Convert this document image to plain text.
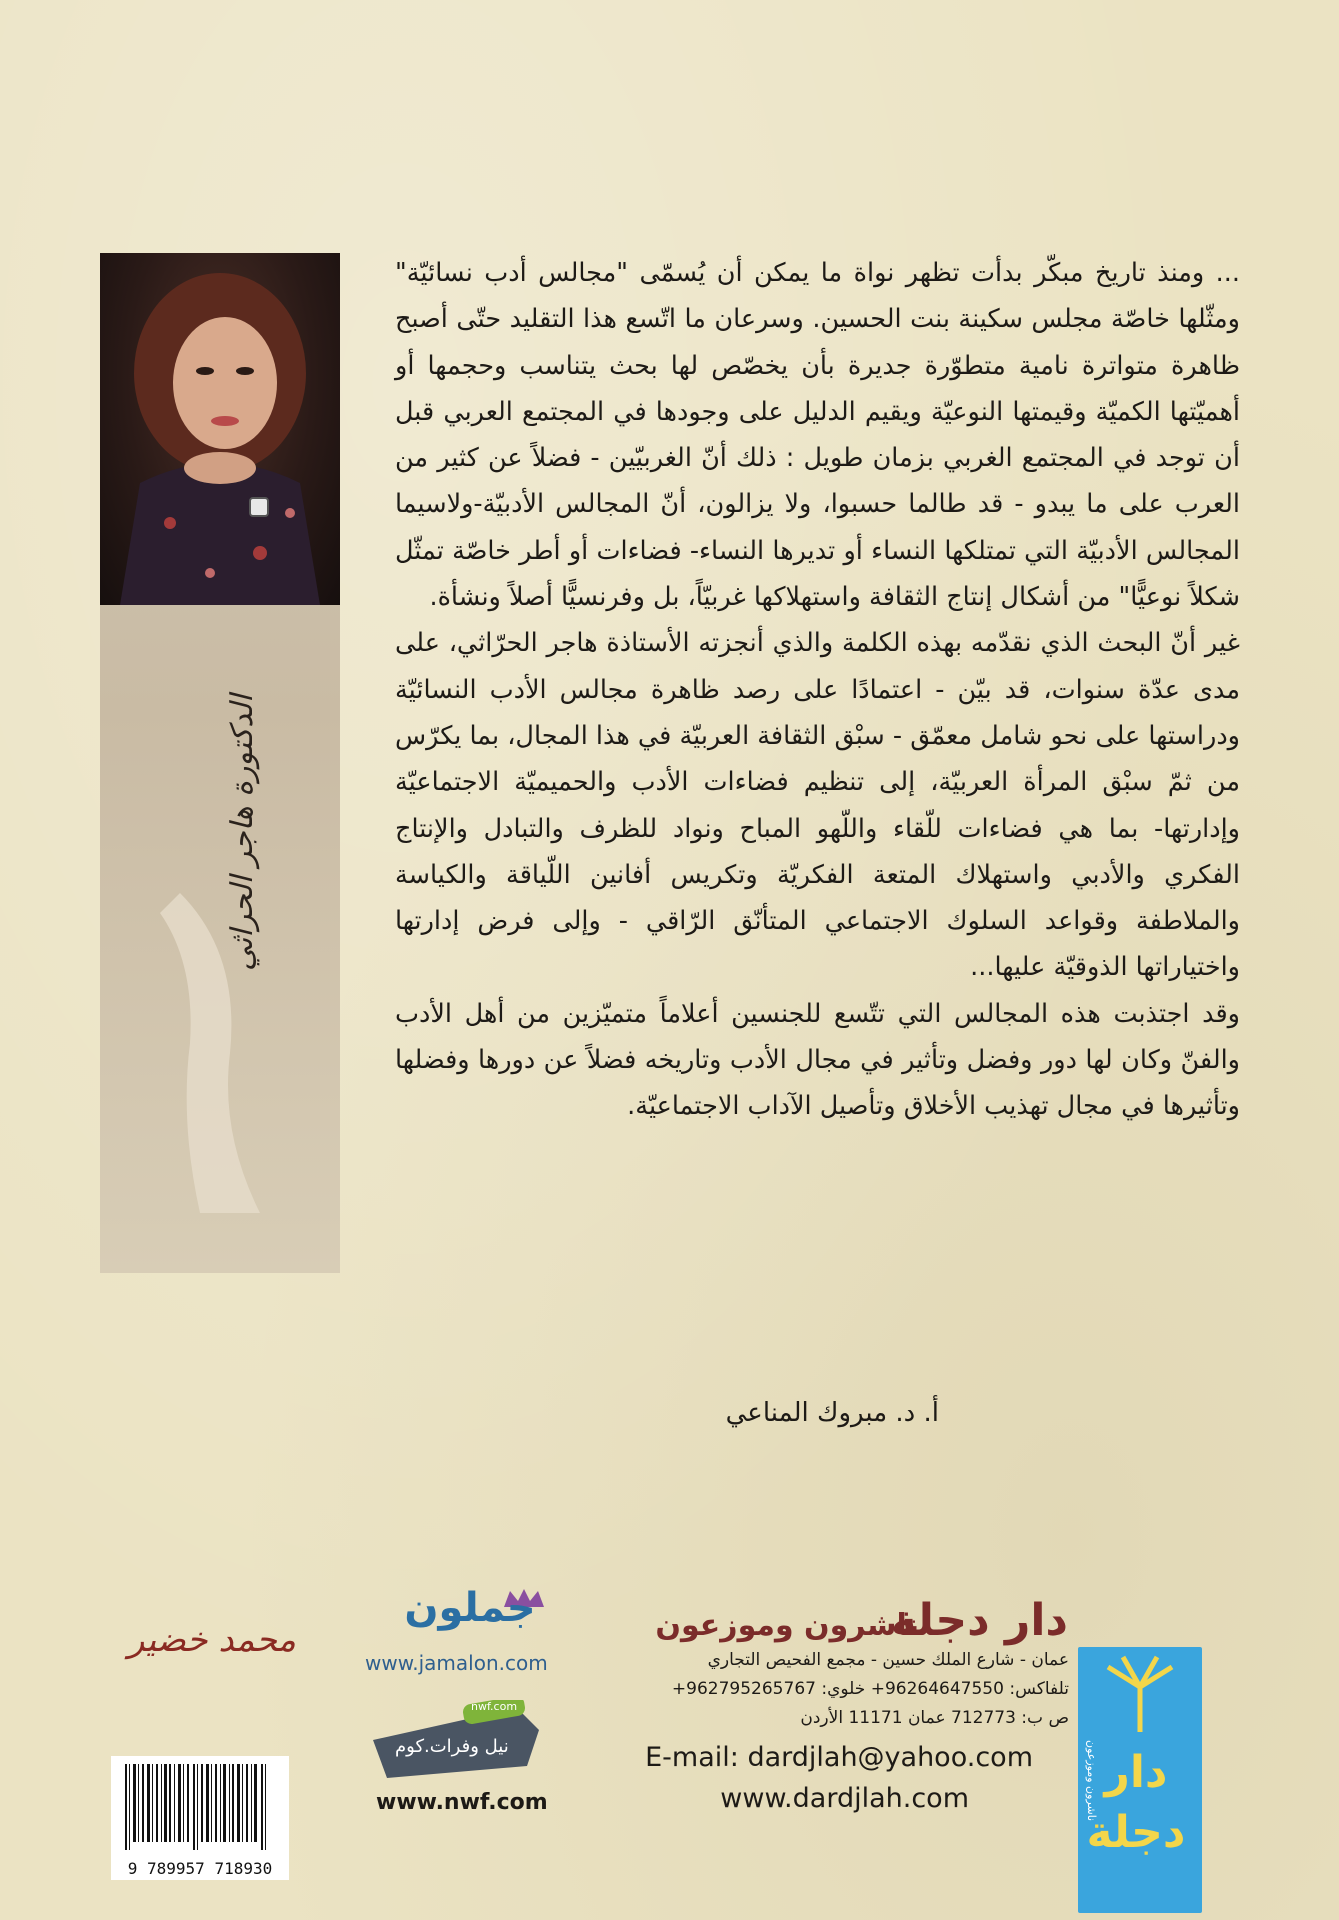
الدكتورة هاجر الحراثي

... ومنذ تاريخ مبكّر بدأت تظهر نواة ما يمكن أن يُسمّى "مجالس أدب نسائيّة" ومثّلها خاصّة مجلس سكينة بنت الحسين. وسرعان ما اتّسع هذا التقليد حتّى أصبح ظاهرة متواترة نامية متطوّرة جديرة بأن يخصّص لها بحث يتناسب وحجمها أو أهميّتها الكميّة وقيمتها النوعيّة ويقيم الدليل على وجودها في المجتمع العربي قبل أن توجد في المجتمع الغربي بزمان طويل : ذلك أنّ الغربيّين - فضلاً عن كثير من العرب على ما يبدو - قد طالما حسبوا، ولا يزالون، أنّ المجالس الأدبيّة-ولاسيما المجالس الأدبيّة التي تمتلكها النساء أو تديرها النساء- فضاءات أو أطر خاصّة تمثّل شكلاً نوعيًّا" من أشكال إنتاج الثقافة واستهلاكها غربيّاً، بل وفرنسيًّا أصلاً ونشأة.

غير أنّ البحث الذي نقدّمه بهذه الكلمة والذي أنجزته الأستاذة هاجر الحرّاثي، على مدى عدّة سنوات، قد بيّن - اعتمادًا على رصد ظاهرة مجالس الأدب النسائيّة ودراستها على نحو شامل معمّق - سبْق الثقافة العربيّة في هذا المجال، بما يكرّس من ثمّ سبْق المرأة العربيّة، إلى تنظيم فضاءات الأدب والحميميّة الاجتماعيّة وإدارتها- بما هي فضاءات للّقاء واللّهو المباح ونواد للظرف والتبادل والإنتاج الفكري والأدبي واستهلاك المتعة الفكريّة وتكريس أفانين اللّياقة والكياسة والملاطفة وقواعد السلوك الاجتماعي المتأنّق الرّاقي - وإلى فرض إدارتها واختياراتها الذوقيّة عليها...

وقد اجتذبت هذه المجالس التي تتّسع للجنسين أعلاماً متميّزين من أهل الأدب والفنّ وكان لها دور وفضل وتأثير في مجال الأدب وتاريخه فضلاً عن دورها وفضلها وتأثيرها في مجال تهذيب الأخلاق وتأصيل الآداب الاجتماعيّة.

أ. د. مبروك المناعي
دار دجلة
ناشرون وموزعون
دار دجلة
ناشرون وموزعون
عمان - شارع الملك حسين - مجمع الفحيص التجاري
تلفاكس: 96264647550+ خلوي: 962795265767+
ص ب: 712773 عمان 11171 الأردن
E-mail: dardjlah@yahoo.com
www.dardjlah.com
جملون
www.jamalon.com
nwf.com
نيل وفرات.كوم
www.nwf.com
9 789957 718930
محمد خضير
